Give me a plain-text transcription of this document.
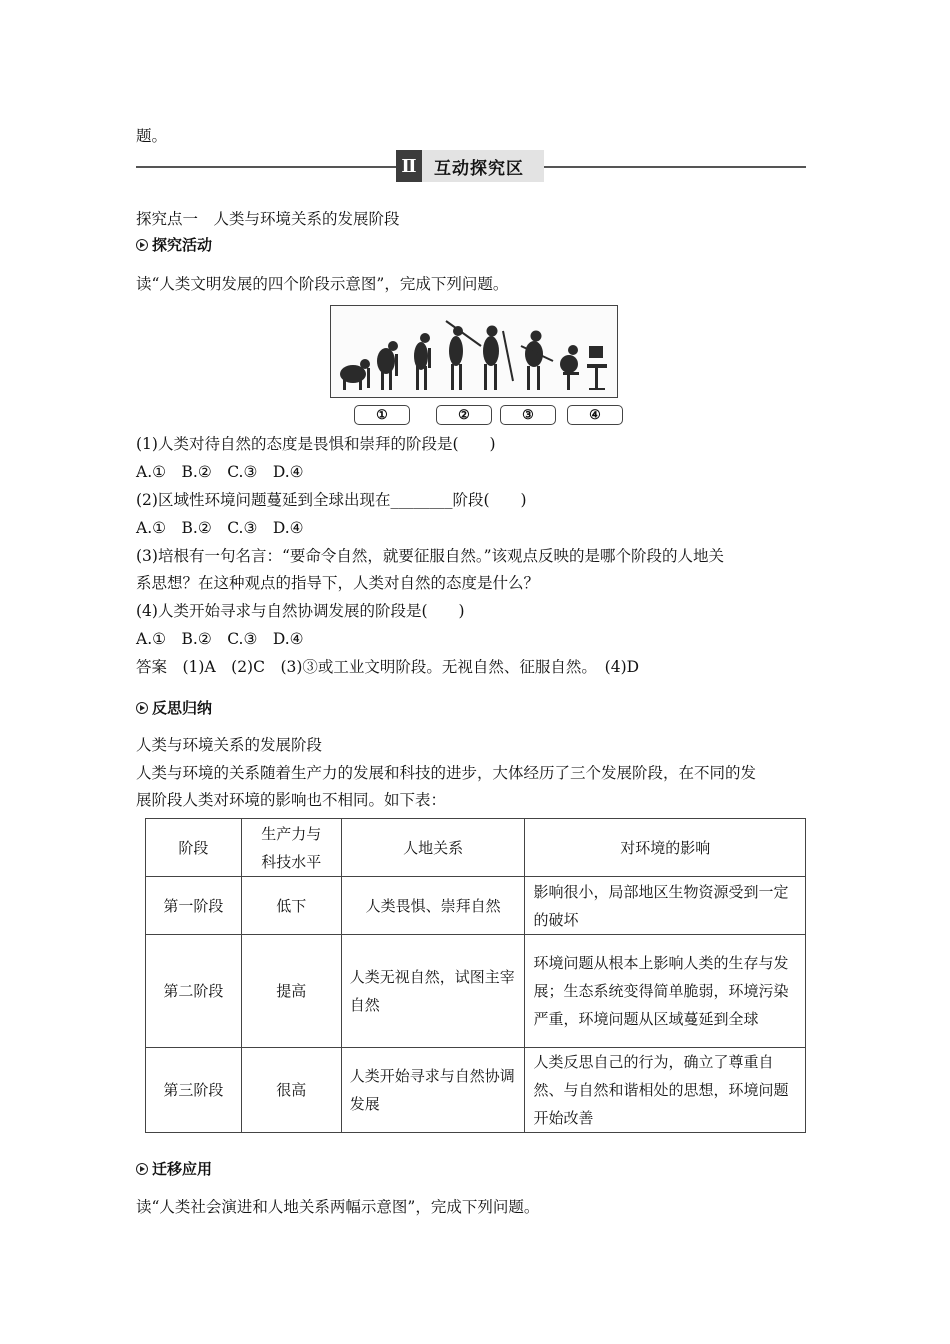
题。
Ⅱ	互动探究区
探究点一　人类与环境关系的发展阶段
探究活动
读“人类文明发展的四个阶段示意图”，完成下列问题。
①	②	③	④
(1)人类对待自然的态度是畏惧和崇拜的阶段是(　　)
A.①　B.②　C.③　D.④
(2)区域性环境问题蔓延到全球出现在________阶段(　　)
A.①　B.②　C.③　D.④
(3)培根有一句名言：“要命令自然，就要征服自然。”该观点反映的是哪个阶段的人地关
系思想？在这种观点的指导下，人类对自然的态度是什么？
(4)人类开始寻求与自然协调发展的阶段是(　　)
A.①　B.②　C.③　D.④
答案　(1)A　(2)C　(3)③或工业文明阶段。无视自然、征服自然。　(4)D
反思归纳
人类与环境关系的发展阶段
人类与环境的关系随着生产力的发展和科技的进步，大体经历了三个发展阶段，在不同的发
展阶段人类对环境的影响也不相同。如下表：
阶段	生产力与科技水平	人地关系	对环境的影响
第一阶段	低下	人类畏惧、崇拜自然	影响很小，局部地区生物资源受到一定的破坏
第二阶段	提高	人类无视自然，试图主宰自然	环境问题从根本上影响人类的生存与发展；生态系统变得简单脆弱，环境污染严重，环境问题从区域蔓延到全球
第三阶段	很高	人类开始寻求与自然协调发展	人类反思自己的行为，确立了尊重自然、与自然和谐相处的思想，环境问题开始改善
迁移应用
读“人类社会演进和人地关系两幅示意图”，完成下列问题。
